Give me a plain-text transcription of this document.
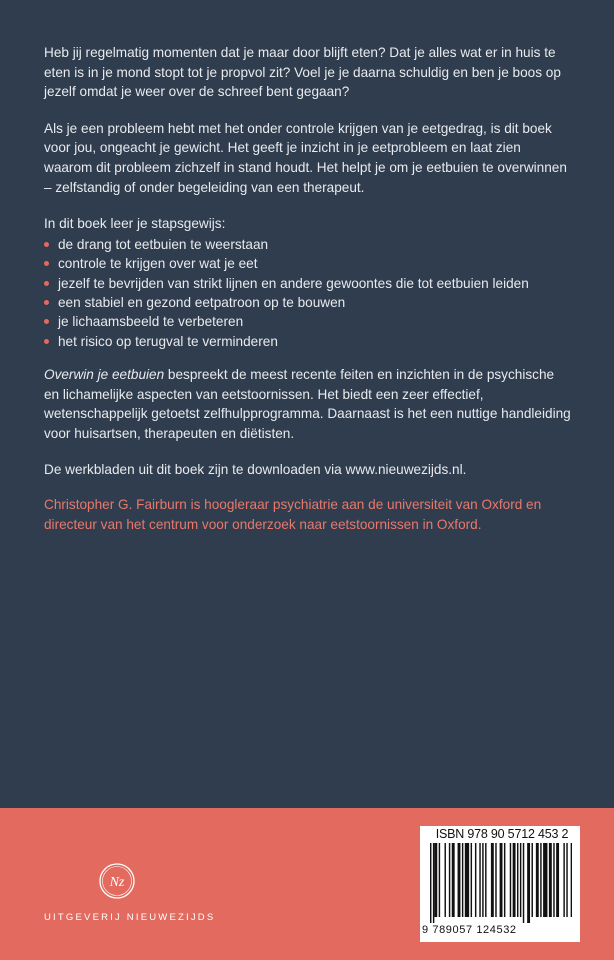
Heb jij regelmatig momenten dat je maar door blijft eten? Dat je alles wat er in huis te eten is in je mond stopt tot je propvol zit? Voel je je daarna schuldig en ben je boos op jezelf omdat je weer over de schreef bent gegaan?

Als je een probleem hebt met het onder controle krijgen van je eetgedrag, is dit boek voor jou, ongeacht je gewicht. Het geeft je inzicht in je eetprobleem en laat zien waarom dit probleem zichzelf in stand houdt. Het helpt je om je eetbuien te overwinnen – zelfstandig of onder begeleiding van een therapeut.

In dit boek leer je stapsgewijs:

de drang tot eetbuien te weerstaan
controle te krijgen over wat je eet
jezelf te bevrijden van strikt lijnen en andere gewoontes die tot eetbuien leiden
een stabiel en gezond eetpatroon op te bouwen
je lichaamsbeeld te verbeteren
het risico op terugval te verminderen

Overwin je eetbuien bespreekt de meest recente feiten en inzichten in de psychische en lichamelijke aspecten van eetstoornissen. Het biedt een zeer effectief, wetenschappelijk getoetst zelfhulpprogramma. Daarnaast is het een nuttige handleiding voor huisartsen, therapeuten en diëtisten.

De werkbladen uit dit boek zijn te downloaden via www.nieuwezijds.nl.

Christopher G. Fairburn is hoogleraar psychiatrie aan de universiteit van Oxford en directeur van het centrum voor onderzoek naar eetstoornissen in Oxford.

Nz
UITGEVERIJ NIEUWEZIJDS
ISBN 978 90 5712 453 2
9 789057 124532
